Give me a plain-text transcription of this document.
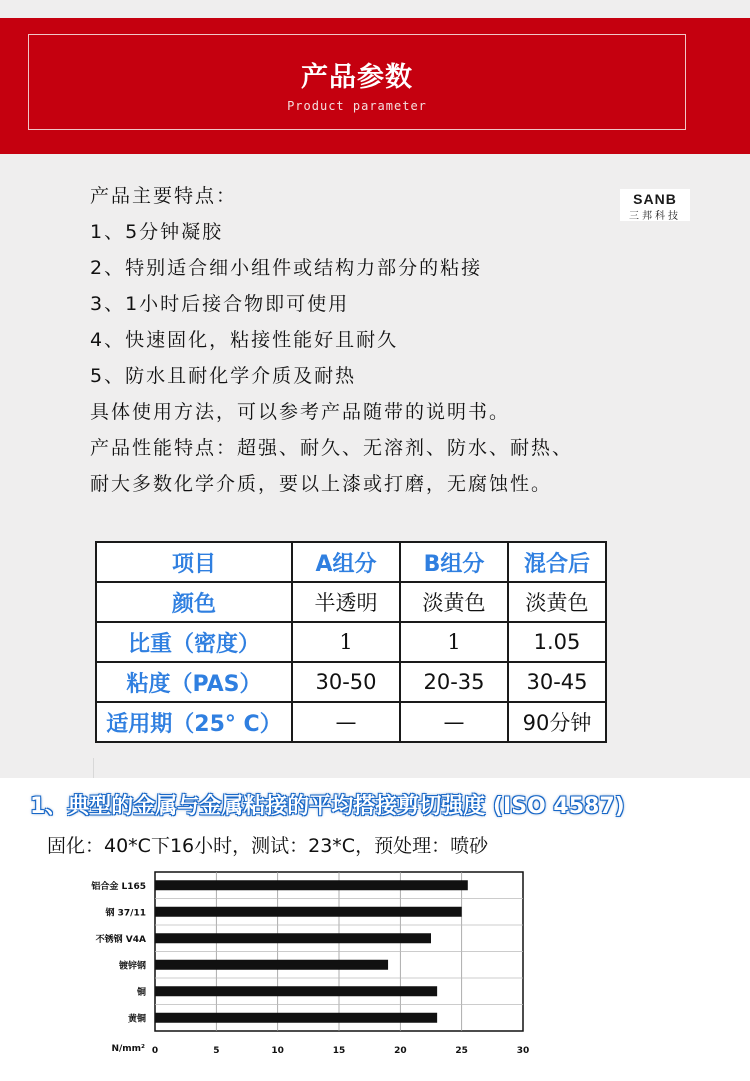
产品参数
Product parameter
产品主要特点：
1、5分钟凝胶
2、特别适合细小组件或结构力部分的粘接
3、1小时后接合物即可使用
4、快速固化，粘接性能好且耐久
5、防水且耐化学介质及耐热
具体使用方法，可以参考产品随带的说明书。
产品性能特点：超强、耐久、无溶剂、防水、耐热、
耐大多数化学介质，要以上漆或打磨，无腐蚀性。
SANB
三邦科技
项目	A组分	B组分	混合后
颜色	半透明	淡黄色	淡黄色
比重（密度）	1	1	1.05
粘度（PAS）	30-50	20-35	30-45
适用期（25° C）	—	—	90分钟
1、典型的金属与金属粘接的平均搭接剪切强度 (ISO 4587)
固化：40*C下16小时，测试：23*C，预处理：喷砂
铝合金 L165
钢 37/11
不锈钢 V4A
镀锌钢
铜
黄铜
0	5	10	15	20	25	30
N/mm²
